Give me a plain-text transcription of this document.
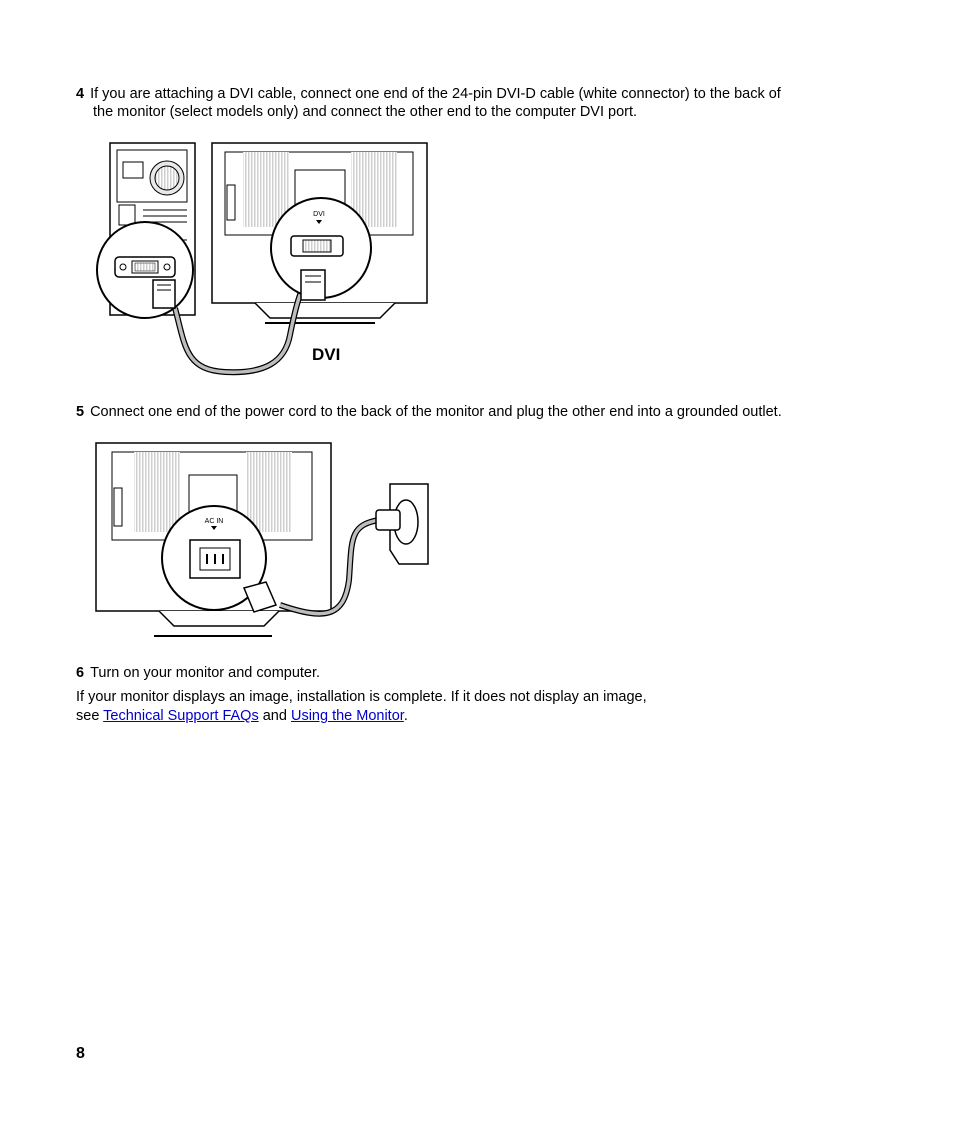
4 If you are attaching a DVI cable, connect one end of the 24-pin DVI-D cable (white connector) to the back of
the monitor (select models only) and connect the other end to the computer DVI port.
DVI
DVI
5 Connect one end of the power cord to the back of the monitor and plug the other end into a grounded outlet.
AC IN
6 Turn on your monitor and computer.
If your monitor displays an image, installation is complete. If it does not display an image,
see Technical Support FAQs and Using the Monitor.
8
